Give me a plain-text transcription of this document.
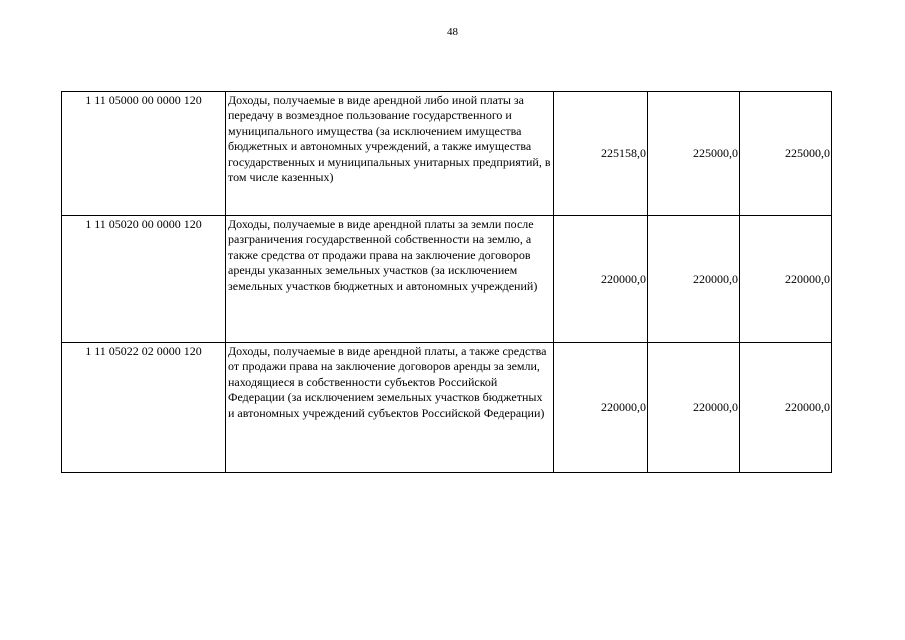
48
1 11 05000 00 0000 120	Доходы, получаемые в виде арендной либо иной платы за передачу в возмездное пользование государственного и муниципального имущества (за исключением имущества бюджетных и автономных учреждений, а также имущества государственных и муниципальных унитарных предприятий, в том числе казенных)	225158,0	225000,0	225000,0
1 11 05020 00 0000 120	Доходы, получаемые в виде арендной платы за земли после разграничения государственной собственности на землю, а также средства от продажи права на заключение договоров аренды указанных земельных участков (за исключением земельных участков бюджетных и автономных учреждений)	220000,0	220000,0	220000,0
1 11 05022 02 0000 120	Доходы, получаемые в виде арендной платы, а также средства от продажи права на заключение договоров аренды за земли, находящиеся в собственности субъектов Российской Федерации (за исключением земельных участков бюджетных и автономных учреждений субъектов Российской Федерации)	220000,0	220000,0	220000,0
